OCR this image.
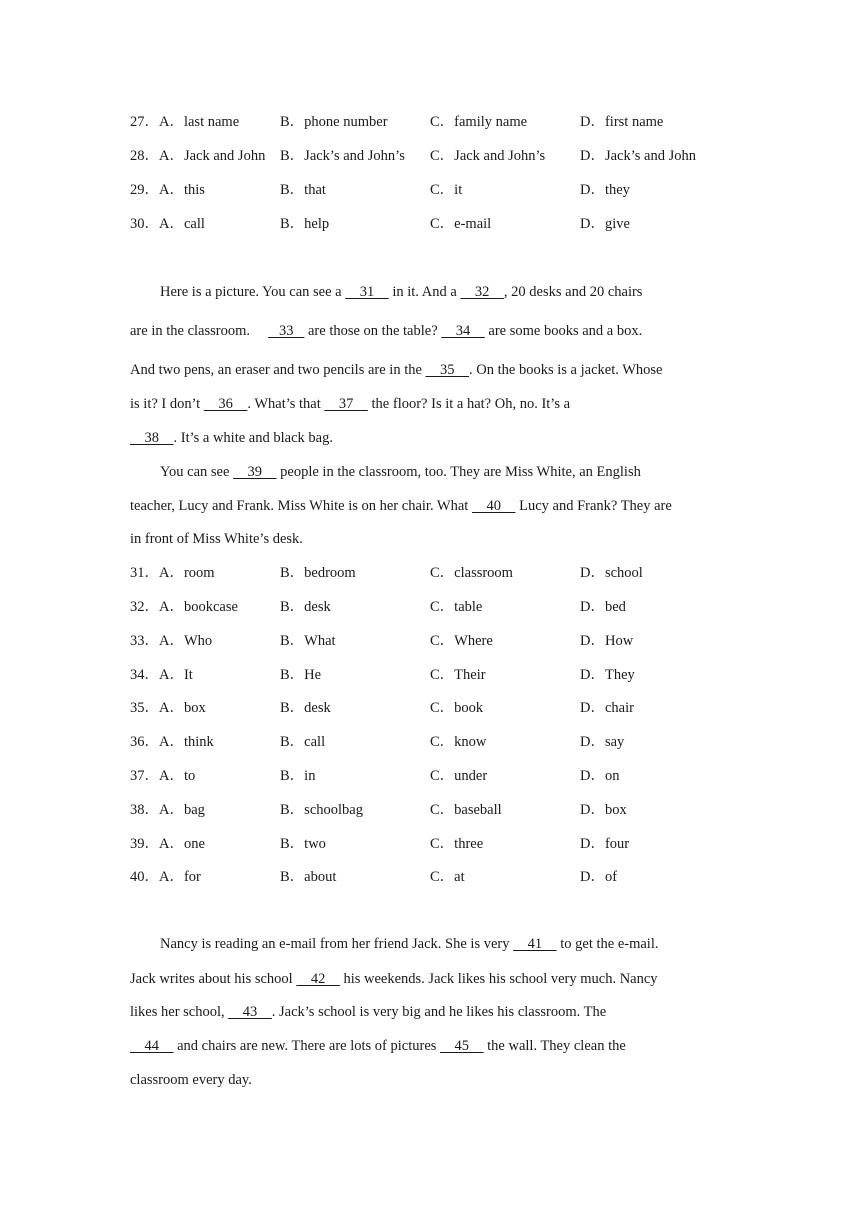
27．A．last name	B．phone number	C．family name	D．first name
28．A．Jack and John B．Jack’s and John’s C．Jack and John’s D．Jack’s and John
29．A．this	B．that	C．it	D．they
30．A．call	B．help	C．e-mail	D．give
Here is a picture. You can see a     31     in it. And a     32    , 20 desks and 20 chairs
are in the classroom.        33    are those on the table?     34     are some books and a box.
And two pens, an eraser and two pencils are in the     35    . On the books is a jacket. Whose
is it? I don’t     36    . What’s that     37     the floor? Is it a hat? Oh, no. It’s a
38    . It’s a white and black bag.
You can see     39     people in the classroom, too. They are Miss White, an English
teacher, Lucy and Frank. Miss White is on her chair. What     40     Lucy and Frank? They are
in front of Miss White’s desk.
31．A．room	B．bedroom	C．classroom	D．school
32．A．bookcase	B．desk	C．table	D．bed
33．A．Who	B．What	C．Where	D．How
34．A．It	B．He	C．Their	D．They
35．A．box	B．desk	C．book	D．chair
36．A．think	B．call	C．know	D．say
37．A．to	B．in	C．under	D．on
38．A．bag	B．schoolbag	C．baseball	D．box
39．A．one	B．two	C．three	D．four
40．A．for	B．about	C．at	D．of
Nancy is reading an e-mail from her friend Jack. She is very     41     to get the e-mail.
Jack writes about his school     42     his weekends. Jack likes his school very much. Nancy
likes her school,     43    . Jack’s school is very big and he likes his classroom. The
44     and chairs are new. There are lots of pictures     45     the wall. They clean the
classroom every day.
